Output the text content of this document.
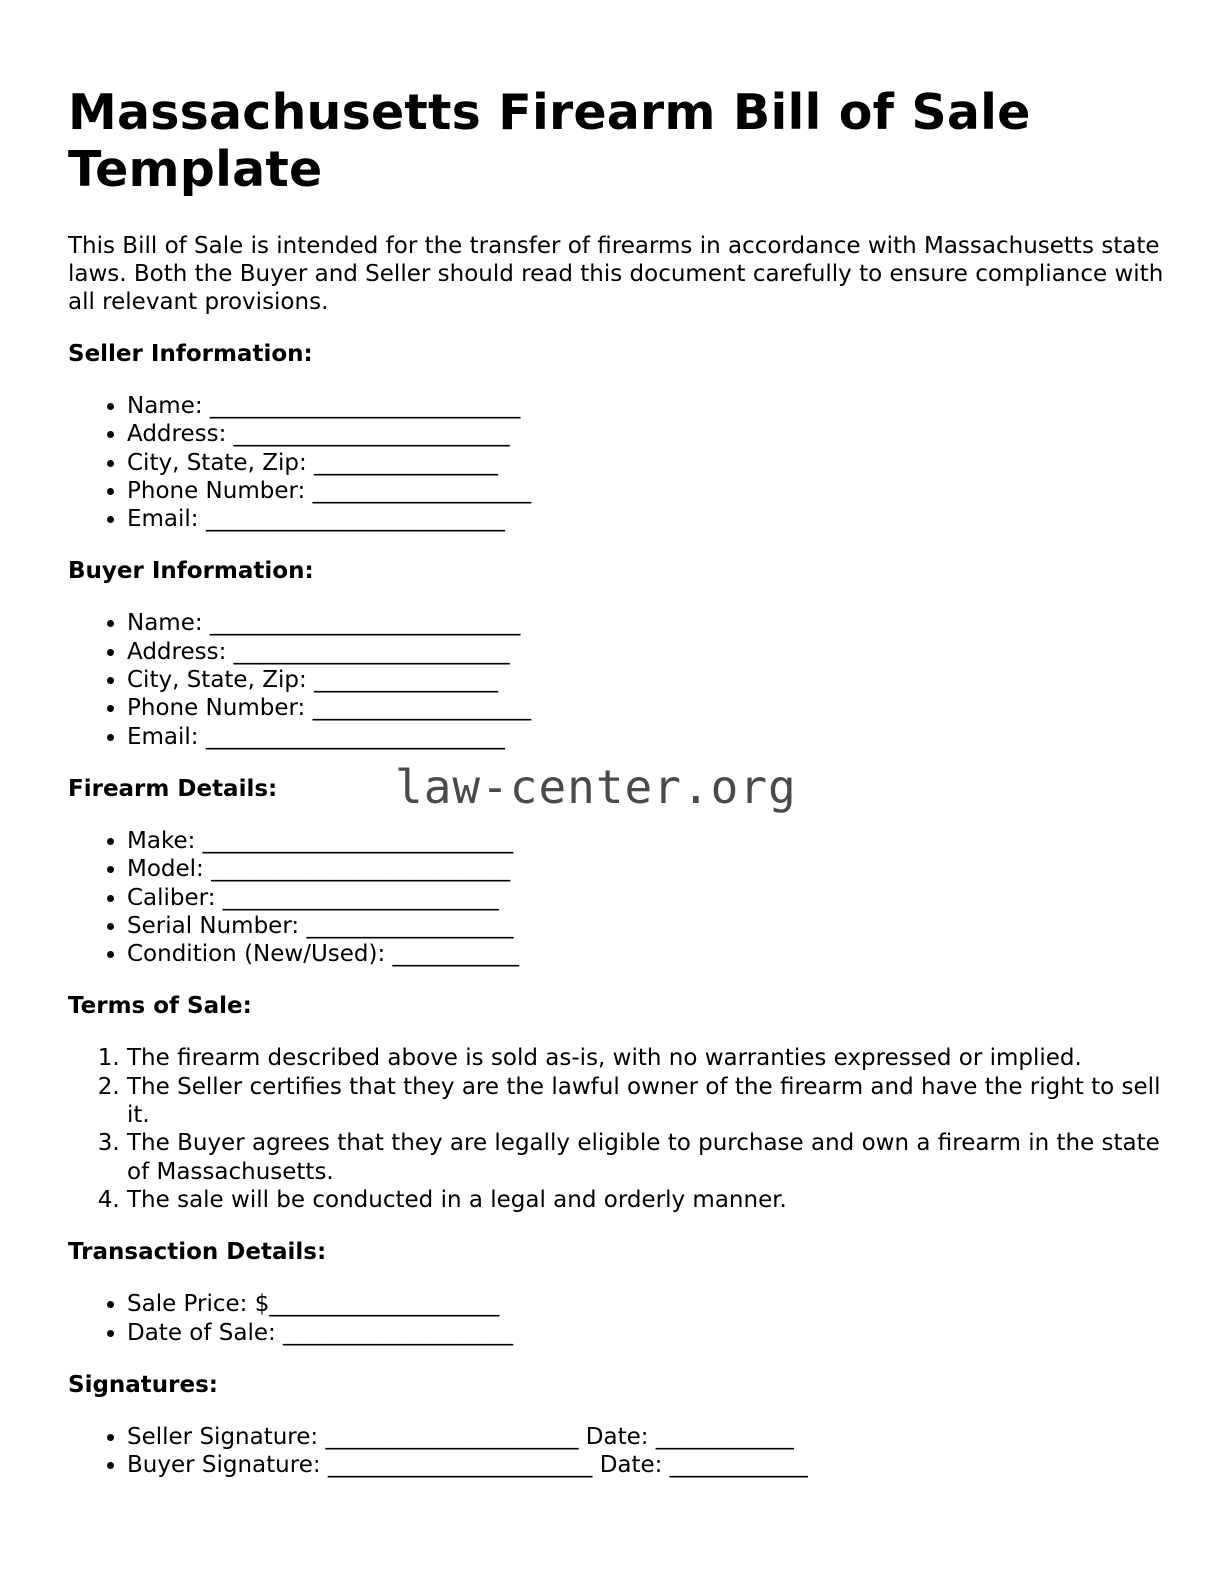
Massachusetts Firearm Bill of Sale Template

This Bill of Sale is intended for the transfer of firearms in accordance with Massachusetts state laws. Both the Buyer and Seller should read this document carefully to ensure compliance with all relevant provisions.

Seller Information:
• Name: ___________________________
• Address: ________________________
• City, State, Zip: ________________
• Phone Number: ___________________
• Email: __________________________
Buyer Information:
• Name: ___________________________
• Address: ________________________
• City, State, Zip: ________________
• Phone Number: ___________________
• Email: __________________________
Firearm Details:
• Make: ___________________________
• Model: __________________________
• Caliber: ________________________
• Serial Number: __________________
• Condition (New/Used): ___________
Terms of Sale:
1. The firearm described above is sold as-is, with no warranties expressed or implied.
2. The Seller certifies that they are the lawful owner of the firearm and have the right to sell it.
3. The Buyer agrees that they are legally eligible to purchase and own a firearm in the state of Massachusetts.
4. The sale will be conducted in a legal and orderly manner.
Transaction Details:
• Sale Price: $____________________
• Date of Sale: ____________________
Signatures:
• Seller Signature: ______________________ Date: ____________
• Buyer Signature: _______________________ Date: ____________
law-center.org
